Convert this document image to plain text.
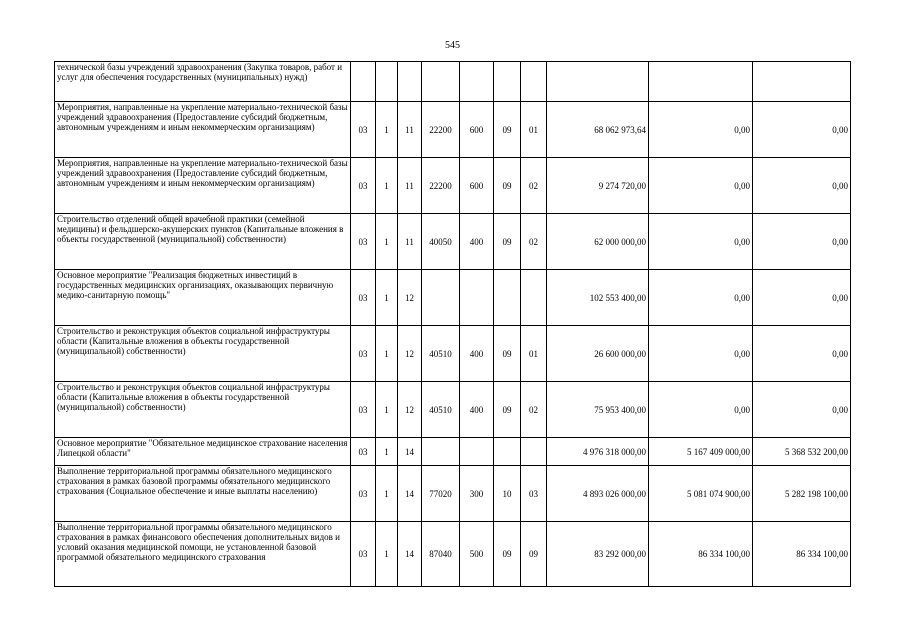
545
технической базы учреждений здравоохранения (Закупка товаров, работ и услуг для обеспечения государственных (муниципальных) нужд)										
Мероприятия, направленные на укрепление материально-технической базы учреждений здравоохранения (Предоставление субсидий бюджетным, автономным учреждениям и иным некоммерческим организациям)	03	1	11	22200	600	09	01	68 062 973,64	0,00	0,00
Мероприятия, направленные на укрепление материально-технической базы учреждений здравоохранения (Предоставление субсидий бюджетным, автономным учреждениям и иным некоммерческим организациям)	03	1	11	22200	600	09	02	9 274 720,00	0,00	0,00
Строительство отделений общей врачебной практики (семейной медицины) и фельдшерско-акушерских пунктов (Капитальные вложения в объекты государственной (муниципальной) собственности)	03	1	11	40050	400	09	02	62 000 000,00	0,00	0,00
Основное мероприятие "Реализация бюджетных инвестиций в государственных медицинских организациях, оказывающих первичную медико-санитарную помощь"	03	1	12					102 553 400,00	0,00	0,00
Строительство и реконструкция объектов социальной инфраструктуры области (Капитальные вложения в объекты государственной (муниципальной) собственности)	03	1	12	40510	400	09	01	26 600 000,00	0,00	0,00
Строительство и реконструкция объектов социальной инфраструктуры области (Капитальные вложения в объекты государственной (муниципальной) собственности)	03	1	12	40510	400	09	02	75 953 400,00	0,00	0,00
Основное мероприятие "Обязательное медицинское страхование населения Липецкой области"	03	1	14					4 976 318 000,00	5 167 409 000,00	5 368 532 200,00
Выполнение территориальной программы обязательного медицинского страхования в рамках базовой программы обязательного медицинского страхования (Социальное обеспечение и иные выплаты населению)	03	1	14	77020	300	10	03	4 893 026 000,00	5 081 074 900,00	5 282 198 100,00
Выполнение территориальной программы обязательного медицинского страхования в рамках финансового обеспечения дополнительных видов и условий оказания медицинской помощи, не установленной базовой программой обязательного медицинского страхования	03	1	14	87040	500	09	09	83 292 000,00	86 334 100,00	86 334 100,00
